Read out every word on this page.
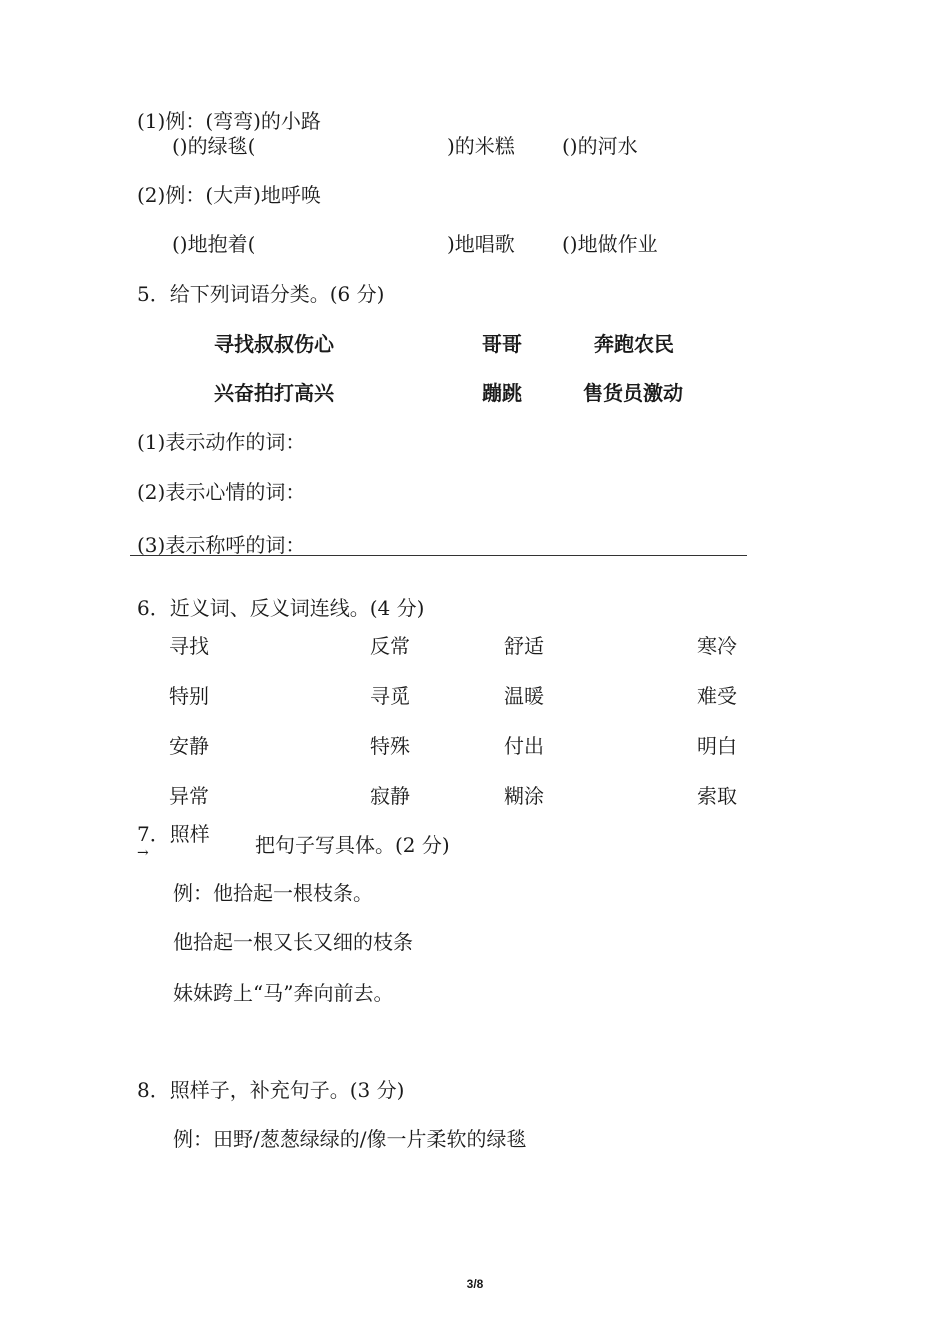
(1)例：(弯弯)的小路
()的绿毯(	)的米糕 ()的河水
(2)例：(大声)地呼唤
()地抱着(	)地唱歌 ()地做作业
5．给下列词语分类。(6 分)
寻找叔叔伤心	哥哥	奔跑农民
兴奋拍打高兴	蹦跳	售货员激动
(1)表示动作的词：
(2)表示心情的词：
(3)表示称呼的词：
6．近义词、反义词连线。(4 分)
寻找	反常	舒适	寒冷
特别	寻觅	温暖	难受
安静	特殊	付出	明白
异常	寂静	糊涂	索取
7．照样
→	把句子写具体。(2 分)
例：他拾起一根枝条。
他拾起一根又长又细的枝条
妹妹跨上“马”奔向前去。
8．照样子，补充句子。(3 分)
例：田野/葱葱绿绿的/像一片柔软的绿毯
3/8
